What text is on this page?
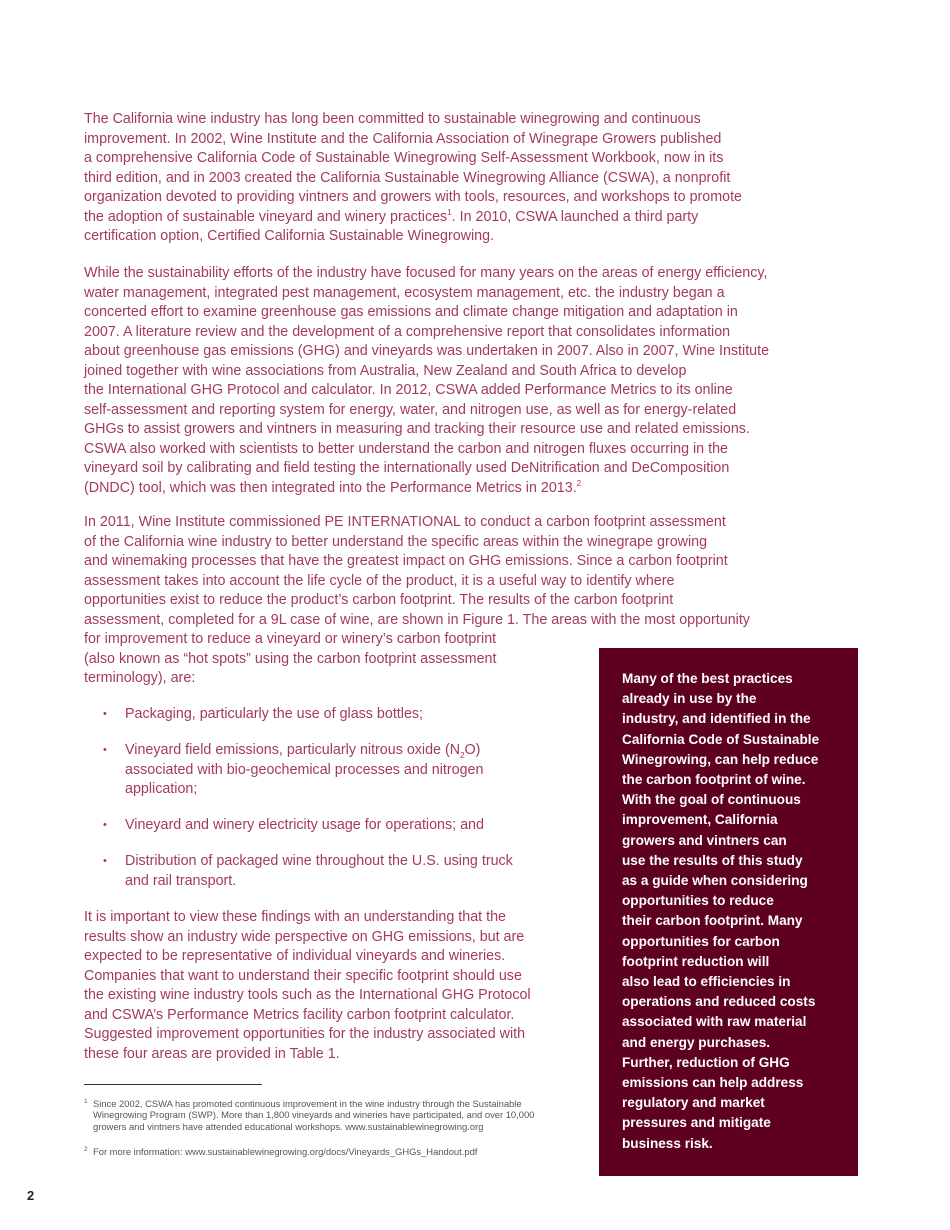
The California wine industry has long been committed to sustainable winegrowing and continuous
improvement. In 2002, Wine Institute and the California Association of Winegrape Growers published
a comprehensive California Code of Sustainable Winegrowing Self-Assessment Workbook, now in its
third edition, and in 2003 created the California Sustainable Winegrowing Alliance (CSWA), a nonprofit
organization devoted to providing vintners and growers with tools, resources, and workshops to promote
the adoption of sustainable vineyard and winery practices$^1$. In 2010, CSWA launched a third party
certification option, Certified California Sustainable Winegrowing.

While the sustainability efforts of the industry have focused for many years on the areas of energy efficiency,
water management, integrated pest management, ecosystem management, etc. the industry began a
concerted effort to examine greenhouse gas emissions and climate change mitigation and adaptation in
2007. A literature review and the development of a comprehensive report that consolidates information
about greenhouse gas emissions (GHG) and vineyards was undertaken in 2007. Also in 2007, Wine Institute
joined together with wine associations from Australia, New Zealand and South Africa to develop
the International GHG Protocol and calculator. In 2012, CSWA added Performance Metrics to its online
self-assessment and reporting system for energy, water, and nitrogen use, as well as for energy-related
GHGs to assist growers and vintners in measuring and tracking their resource use and related emissions.
CSWA also worked with scientists to better understand the carbon and nitrogen fluxes occurring in the
vineyard soil by calibrating and field testing the internationally used DeNitrification and DeComposition
(DNDC) tool, which was then integrated into the Performance Metrics in 2013.$^2$

In 2011, Wine Institute commissioned PE INTERNATIONAL to conduct a carbon footprint assessment
of the California wine industry to better understand the specific areas within the winegrape growing
and winemaking processes that have the greatest impact on GHG emissions. Since a carbon footprint
assessment takes into account the life cycle of the product, it is a useful way to identify where
opportunities exist to reduce the product’s carbon footprint. The results of the carbon footprint
assessment, completed for a 9L case of wine, are shown in Figure 1. The areas with the most opportunity
for improvement to reduce a vineyard or winery’s carbon footprint
(also known as “hot spots” using the carbon footprint assessment
terminology), are:

• Packaging, particularly the use of glass bottles;
• Vineyard field emissions, particularly nitrous oxide $(N_2O)$
associated with bio-geochemical processes and nitrogen
application;
• Vineyard and winery electricity usage for operations; and
• Distribution of packaged wine throughout the U.S. using truck
and rail transport.

It is important to view these findings with an understanding that the
results show an industry wide perspective on GHG emissions, but are
expected to be representative of individual vineyards and wineries.
Companies that want to understand their specific footprint should use
the existing wine industry tools such as the International GHG Protocol
and CSWA’s Performance Metrics facility carbon footprint calculator.
Suggested improvement opportunities for the industry associated with
these four areas are provided in Table 1.

Many of the best practices
already in use by the
industry, and identified in the
California Code of Sustainable
Winegrowing, can help reduce
the carbon footprint of wine.
With the goal of continuous
improvement, California
growers and vintners can
use the results of this study
as a guide when considering
opportunities to reduce
their carbon footprint. Many
opportunities for carbon
footprint reduction will
also lead to efficiencies in
operations and reduced costs
associated with raw material
and energy purchases.
Further, reduction of GHG
emissions can help address
regulatory and market
pressures and mitigate
business risk.

1 Since 2002, CSWA has promoted continuous improvement in the wine industry through the Sustainable
Winegrowing Program (SWP). More than 1,800 vineyards and wineries have participated, and over 10,000
growers and vintners have attended educational workshops. www.sustainablewinegrowing.org

2 For more information: www.sustainablewinegrowing.org/docs/Vineyards_GHGs_Handout.pdf

2
